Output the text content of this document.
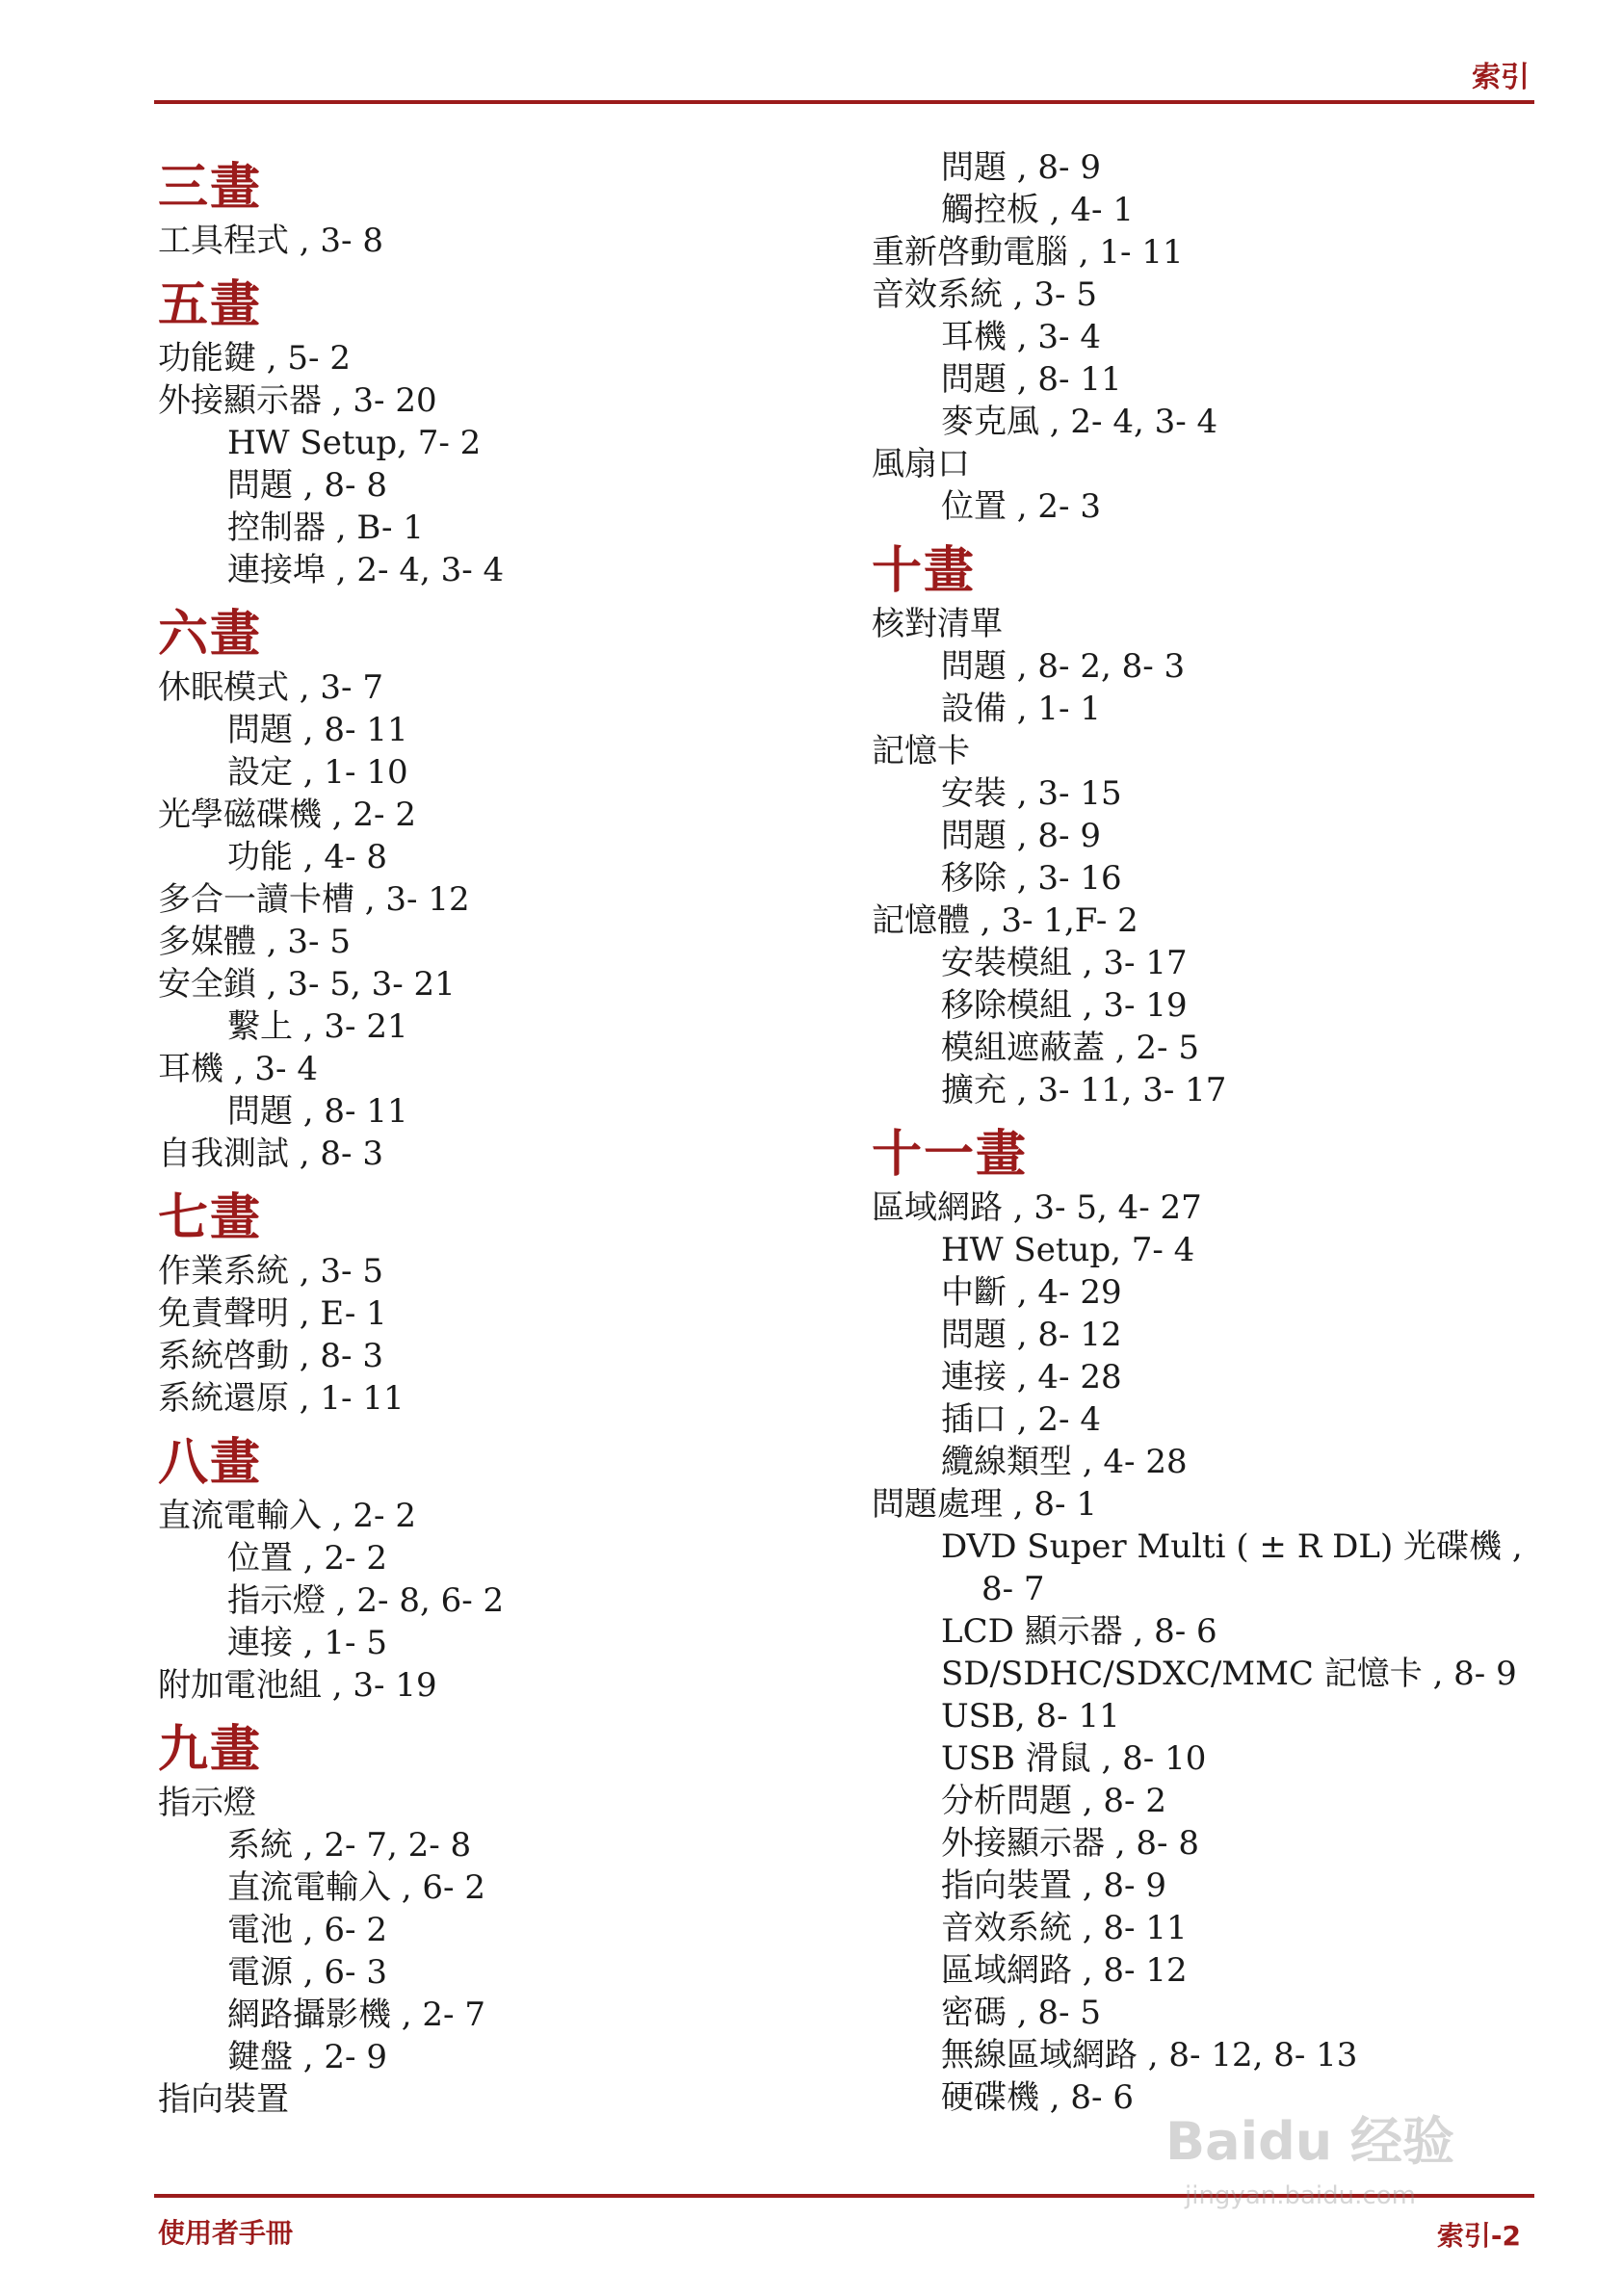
索引
三畫
工具程式 , 3- 8
五畫
功能鍵 , 5- 2
外接顯示器 , 3- 20
HW Setup, 7- 2
問題 , 8- 8
控制器 , B- 1
連接埠 , 2- 4, 3- 4
六畫
休眠模式 , 3- 7
問題 , 8- 11
設定 , 1- 10
光學磁碟機 , 2- 2
功能 , 4- 8
多合一讀卡槽 , 3- 12
多媒體 , 3- 5
安全鎖 , 3- 5, 3- 21
繫上 , 3- 21
耳機 , 3- 4
問題 , 8- 11
自我測試 , 8- 3
七畫
作業系統 , 3- 5
免責聲明 , E- 1
系統啓動 , 8- 3
系統還原 , 1- 11
八畫
直流電輸入 , 2- 2
位置 , 2- 2
指示燈 , 2- 8, 6- 2
連接 , 1- 5
附加電池組 , 3- 19
九畫
指示燈
系統 , 2- 7, 2- 8
直流電輸入 , 6- 2
電池 , 6- 2
電源 , 6- 3
網路攝影機 , 2- 7
鍵盤 , 2- 9
指向裝置
問題 , 8- 9
觸控板 , 4- 1
重新啓動電腦 , 1- 11
音效系統 , 3- 5
耳機 , 3- 4
問題 , 8- 11
麥克風 , 2- 4, 3- 4
風扇口
位置 , 2- 3
十畫
核對清單
問題 , 8- 2, 8- 3
設備 , 1- 1
記憶卡
安裝 , 3- 15
問題 , 8- 9
移除 , 3- 16
記憶體 , 3- 1,F- 2
安裝模組 , 3- 17
移除模組 , 3- 19
模組遮蔽蓋 , 2- 5
擴充 , 3- 11, 3- 17
十一畫
區域網路 , 3- 5, 4- 27
HW Setup, 7- 4
中斷 , 4- 29
問題 , 8- 12
連接 , 4- 28
插口 , 2- 4
纜線類型 , 4- 28
問題處理 , 8- 1
DVD Super Multi ( ± R DL) 光碟機 ,
8- 7
LCD 顯示器 , 8- 6
SD/SDHC/SDXC/MMC 記憶卡 , 8- 9
USB, 8- 11
USB 滑鼠 , 8- 10
分析問題 , 8- 2
外接顯示器 , 8- 8
指向裝置 , 8- 9
音效系統 , 8- 11
區域網路 , 8- 12
密碼 , 8- 5
無線區域網路 , 8- 12, 8- 13
硬碟機 , 8- 6
使用者手冊	索引-2
Baidu 经验
jingyan.baidu.com
